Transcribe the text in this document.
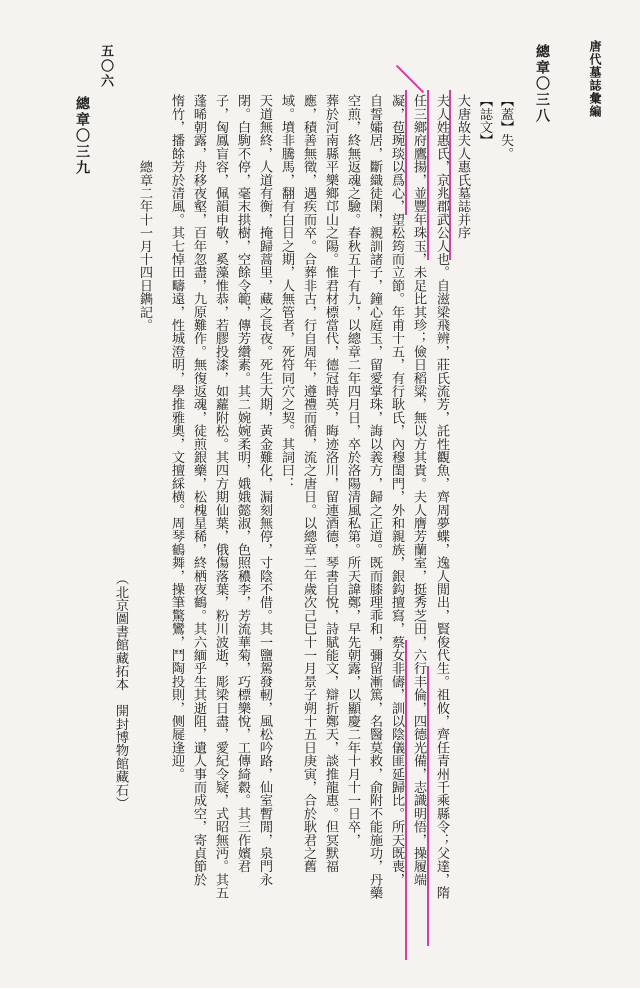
唐代墓誌彙編
五〇六	總章〇三八
【蓋】失。
【誌文】
大唐故夫人惠氏墓誌并序
夫人姓惠氏，京兆郡武公人也。自滋梁飛辨，莊氏流芳，託性觀魚，齊周夢蝶，逸人閒出，賢俊代生。祖攸，齊任青州千乘縣令；父達，隋
任三鄉府鷹揚，並豐年珠玉，未足比其珍；儉日稻粱，無以方其貴。夫人膺芳蘭室，挺秀芝田，六行丰倫，四德光備，志識明悟，操履端
凝，苞琬琰以爲心，望松筠而立節。年甫十五，有行耿氏，內穆閨門，外和親族，銀鈎擅寫，蔡女非儔，訓以陰儀匪延歸比。所天既喪，
自誓孀居，斷織徒閑，親訓諸子，鐘心庭玉，留愛掌珠，誨以義方，歸之正道。既而膝理乖和，彌留漸篤，名醫莫救，俞附不能施功，丹藥
空煎，終無返魂之驗。春秋五十有九，以總章二年四月日，卒於洛陽清風私第。所天諱鄭，早先朝露，以顯慶二年十月十一日卒，
葬於河南縣平樂鄉邙山之陽。惟君材標當代，德冠時英，晦迹洛川，留連酒德，琴書自悅，詩賦能文，辯折鄭天，談推龍惠。但冥默福
應，積善無徵，遇疾而卒。合葬非古，行自周年，遵禮而循，流之唐日。以總章二年歲次己巳十一月景子朔十五日庚寅，合於耿君之舊
域。墳非騰馬，翻有白日之期，人無管者，死符同穴之契。其詞曰：
天道無終，人道有衡，掩歸蒿里，藏之長夜。死生大期，黃金難化，漏刻無停，寸陰不借。其一鹽駕發軔，風松吟路，仙室暫閒，泉門永
閉。白駒不停，毫末拱樹，空餘令範，傳芳纘素。其二婉婉柔明，娥娥懿淑，色照穠李，芳流華菊，巧標樂悅，工傳綺縠。其三作嬪君
子，匈鳳盲容，佩韻申敬，奚藻惟恭，若膠投漆，如蘿附松。其四方期仙葉，俄傷落葉，粉川波逝，彫梁日盡，愛紀令疑，式昭無沔。其五
蓬晞朝露，舟移夜壑，百年忽盡，九原難作。無復返魂，徒煎銀藥，松槐星稀，終栖夜鶴。其六緬乎生其逝阻，遺人事而成空，寄貞節於
惰竹，播餘芳於清風。其七悼田疇遠，性城澄明，學推雅奧，文擅綵横。周琴鶴舞，操筆驚鸞，鬥陶投則，侧屣逢迎。
總章二年十一月十四日鐫記。
（北京圖書館藏拓本　開封博物館藏石）
總章〇三九
